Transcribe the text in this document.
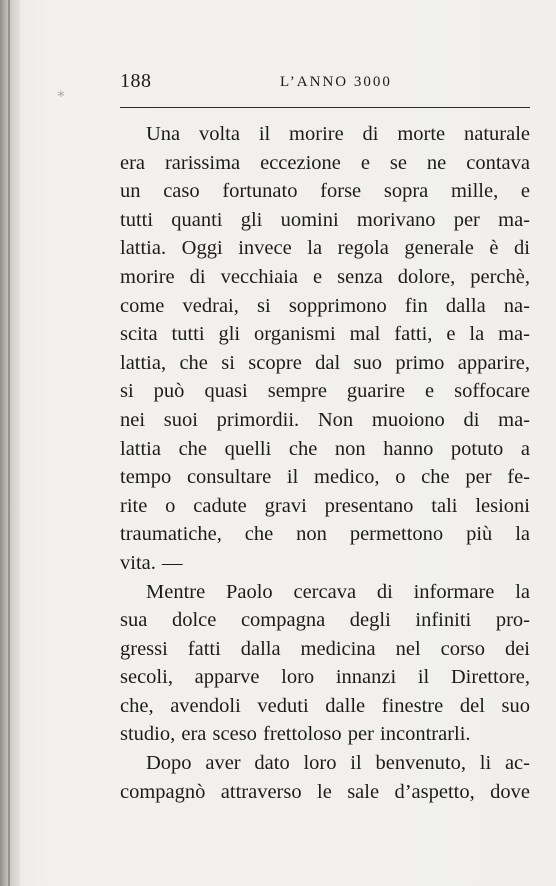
∗
188	L’ANNO 3000
Una volta il morire di morte naturale
era rarissima eccezione e se ne contava
un caso fortunato forse sopra mille, e
tutti quanti gli uomini morivano per ma-
lattia. Oggi invece la regola generale è di
morire di vecchiaia e senza dolore, perchè,
come vedrai, si sopprimono fin dalla na-
scita tutti gli organismi mal fatti, e la ma-
lattia, che si scopre dal suo primo apparire,
si può quasi sempre guarire e soffocare
nei suoi primordii. Non muoiono di ma-
lattia che quelli che non hanno potuto a
tempo consultare il medico, o che per fe-
rite o cadute gravi presentano tali lesioni
traumatiche, che non permettono più la
vita. —
Mentre Paolo cercava di informare la
sua dolce compagna degli infiniti pro-
gressi fatti dalla medicina nel corso dei
secoli, apparve loro innanzi il Direttore,
che, avendoli veduti dalle finestre del suo
studio, era sceso frettoloso per incontrarli.
Dopo aver dato loro il benvenuto, li ac-
compagnò attraverso le sale d’aspetto, dove
